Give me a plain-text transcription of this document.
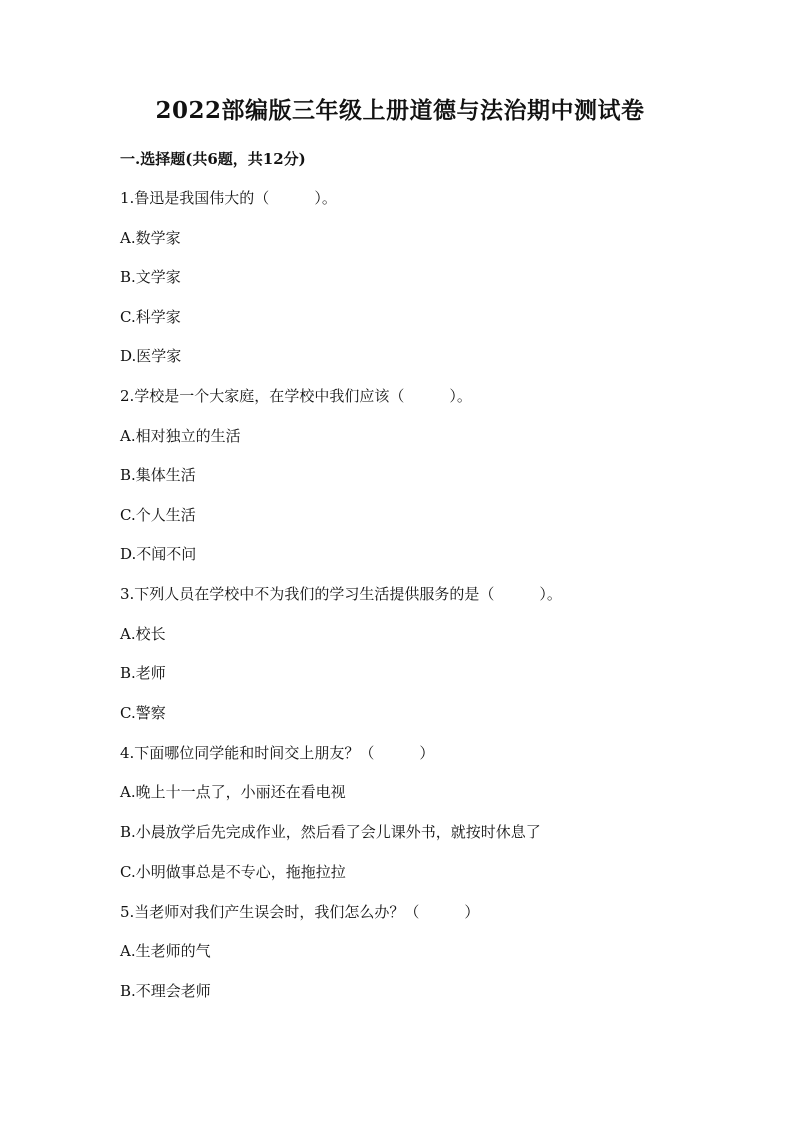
2022部编版三年级上册道德与法治期中测试卷
一.选择题(共6题，共12分)
1.鲁迅是我国伟大的（　　　）。
A.数学家
B.文学家
C.科学家
D.医学家
2.学校是一个大家庭，在学校中我们应该（　　　）。
A.相对独立的生活
B.集体生活
C.个人生活
D.不闻不问
3.下列人员在学校中不为我们的学习生活提供服务的是（　　　）。
A.校长
B.老师
C.警察
4.下面哪位同学能和时间交上朋友？（　　　）
A.晚上十一点了，小丽还在看电视
B.小晨放学后先完成作业，然后看了会儿课外书，就按时休息了
C.小明做事总是不专心，拖拖拉拉
5.当老师对我们产生误会时，我们怎么办？（　　　）
A.生老师的气
B.不理会老师
